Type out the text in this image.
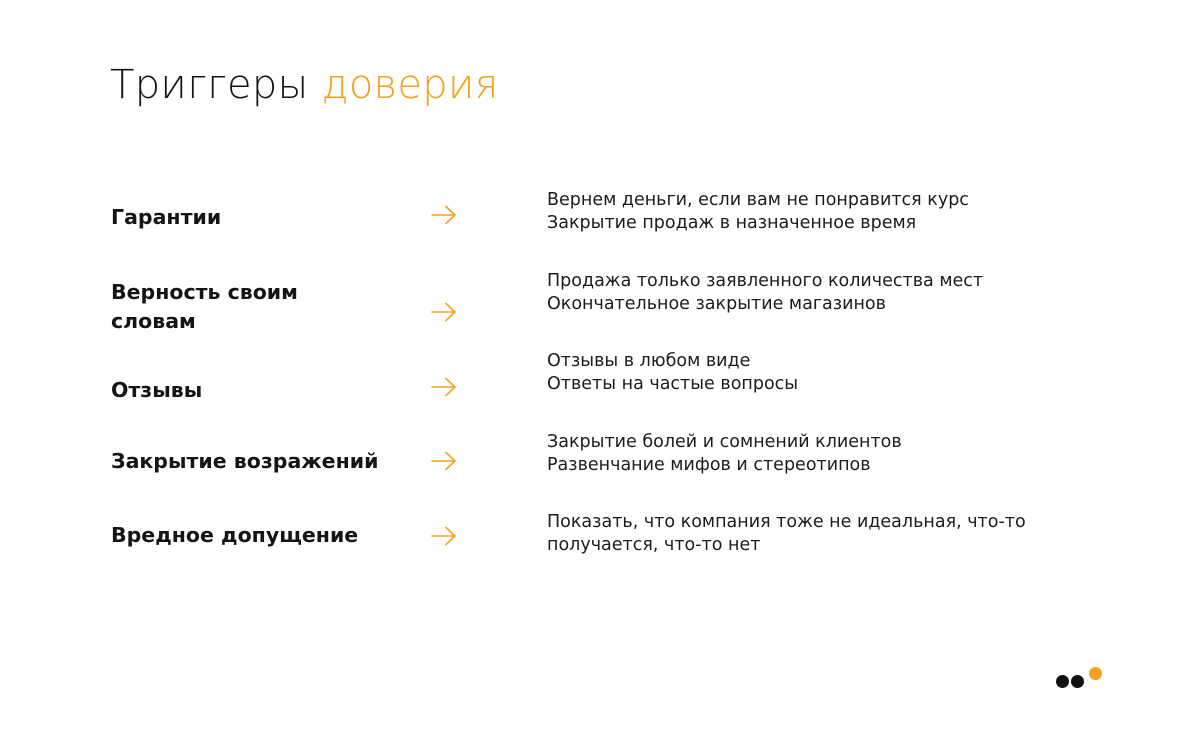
Триггеры доверия
Гарантии
Вернем деньги, если вам не понравится курс
Закрытие продаж в назначенное время
Верность своим
словам
Продажа только заявленного количества мест
Окончательное закрытие магазинов
Отзывы
Отзывы в любом виде
Ответы на частые вопросы
Закрытие возражений
Закрытие болей и сомнений клиентов
Развенчание мифов и стереотипов
Вредное допущение
Показать, что компания тоже не идеальная, что-то
получается, что-то нет
